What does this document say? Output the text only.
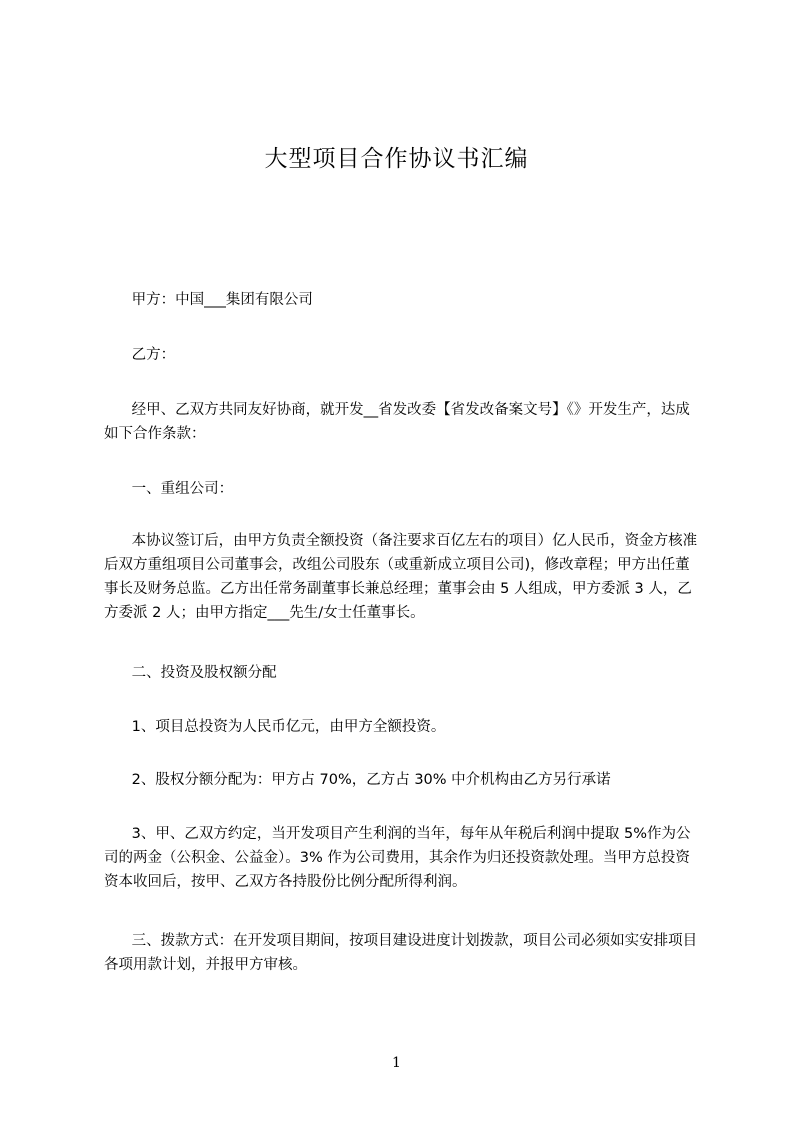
大型项目合作协议书汇编

甲方：中国___集团有限公司

乙方：

经甲、乙双方共同友好协商，就开发__省发改委【省发改备案文号】《》开发生产，达成如下合作条款：

一、重组公司：

本协议签订后，由甲方负责全额投资（备注要求百亿左右的项目）亿人民币，资金方核准后双方重组项目公司董事会，改组公司股东（或重新成立项目公司)，修改章程；甲方出任董事长及财务总监。乙方出任常务副董事长兼总经理；董事会由 5 人组成，甲方委派 3 人，乙方委派 2 人；由甲方指定___先生/女士任董事长。

二、投资及股权额分配

1、项目总投资为人民币亿元，由甲方全额投资。

2、股权分额分配为：甲方占 70%，乙方占 30% 中介机构由乙方另行承诺

3、甲、乙双方约定，当开发项目产生利润的当年，每年从年税后利润中提取 5%作为公司的两金（公积金、公益金）。3% 作为公司费用，其余作为归还投资款处理。当甲方总投资资本收回后，按甲、乙双方各持股份比例分配所得利润。

三、拨款方式：在开发项目期间，按项目建设进度计划拨款，项目公司必须如实安排项目各项用款计划，并报甲方审核。

1
